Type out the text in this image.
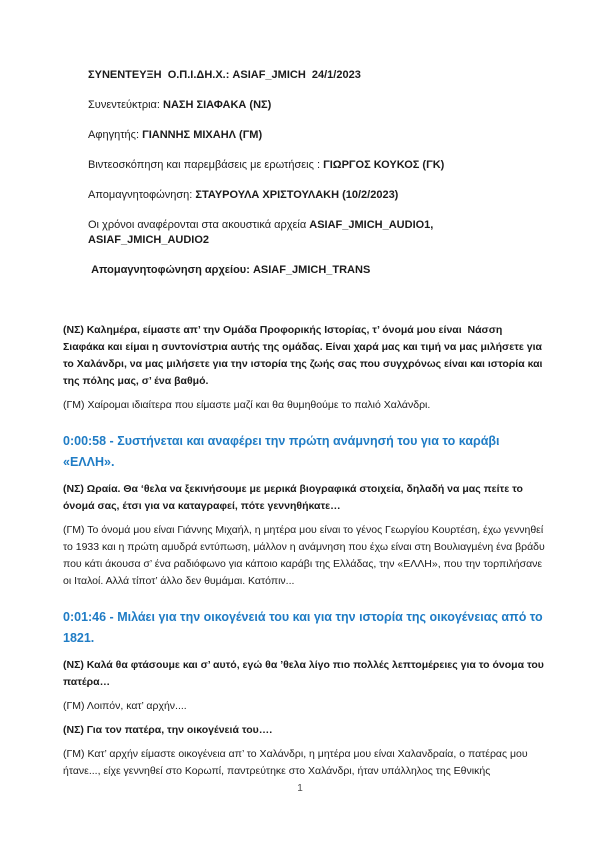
ΣΥΝΕΝΤΕΥΞΗ  Ο.Π.Ι.ΔΗ.Χ.: ASIAF_JMICH  24/1/2023

Συνεντεύκτρια: ΝΑΣΗ ΣΙΑΦΑΚΑ (ΝΣ)

Αφηγητής: ΓΙΑΝΝΗΣ ΜΙΧΑΗΛ (ΓΜ)

Βιντεοσκόπηση και παρεμβάσεις με ερωτήσεις : ΓΙΩΡΓΟΣ ΚΟΥΚΟΣ (ΓΚ)

Απομαγνητοφώνηση: ΣΤΑΥΡΟΥΛΑ ΧΡΙΣΤΟΥΛΑΚΗ (10/2/2023)

Οι χρόνοι αναφέρονται στα ακουστικά αρχεία ASIAF_JMICH_AUDIO1, ASIAF_JMICH_AUDIO2

Απομαγνητοφώνηση αρχείου: ASIAF_JMICH_TRANS

(ΝΣ) Καλημέρα, είμαστε απ’ την Ομάδα Προφορικής Ιστορίας, τ’ όνομά μου είναι  Νάσση Σιαφάκα και είμαι η συντονίστρια αυτής της ομάδας. Είναι χαρά μας και τιμή να μας μιλήσετε για το Χαλάνδρι, να μας μιλήσετε για την ιστορία της ζωής σας που συγχρόνως είναι και ιστορία και της πόλης μας, σ’ ένα βαθμό.

(ΓΜ) Χαίρομαι ιδιαίτερα που είμαστε μαζί και θα θυμηθούμε το παλιό Χαλάνδρι.

0:00:58 - Συστήνεται και αναφέρει την πρώτη ανάμνησή του για το καράβι «ΕΛΛΗ».

(ΝΣ) Ωραία. Θα ‘θελα να ξεκινήσουμε με μερικά βιογραφικά στοιχεία, δηλαδή να μας πείτε το όνομά σας, έτσι για να καταγραφεί, πότε γεννηθήκατε…

(ΓΜ) Το όνομά μου είναι Γιάννης Μιχαήλ, η μητέρα μου είναι το γένος Γεωργίου Κουρτέση, έχω γεννηθεί το 1933 και η πρώτη αμυδρά εντύπωση, μάλλον η ανάμνηση που έχω είναι στη Βουλιαγμένη ένα βράδυ που κάτι άκουσα σ’ ένα ραδιόφωνο για κάποιο καράβι της Ελλάδας, την «ΕΛΛΗ», που την τορπιλήσανε οι Ιταλοί. Αλλά τίποτ’ άλλο δεν θυμάμαι. Κατόπιν...

0:01:46 - Μιλάει για την οικογένειά του και για την ιστορία της οικογένειας από το 1821.

(ΝΣ) Καλά θα φτάσουμε και σ’ αυτό, εγώ θα ’θελα λίγο πιο πολλές λεπτομέρειες για το όνομα του πατέρα…

(ΓΜ) Λοιπόν, κατ’ αρχήν....

(ΝΣ) Για τον πατέρα, την οικογένειά του….

(ΓΜ) Κατ’ αρχήν είμαστε οικογένεια απ’ το Χαλάνδρι, η μητέρα μου είναι Χαλανδραία, ο πατέρας μου ήτανε..., είχε γεννηθεί στο Κορωπί, παντρεύτηκε στο Χαλάνδρι, ήταν υπάλληλος της Εθνικής

1
